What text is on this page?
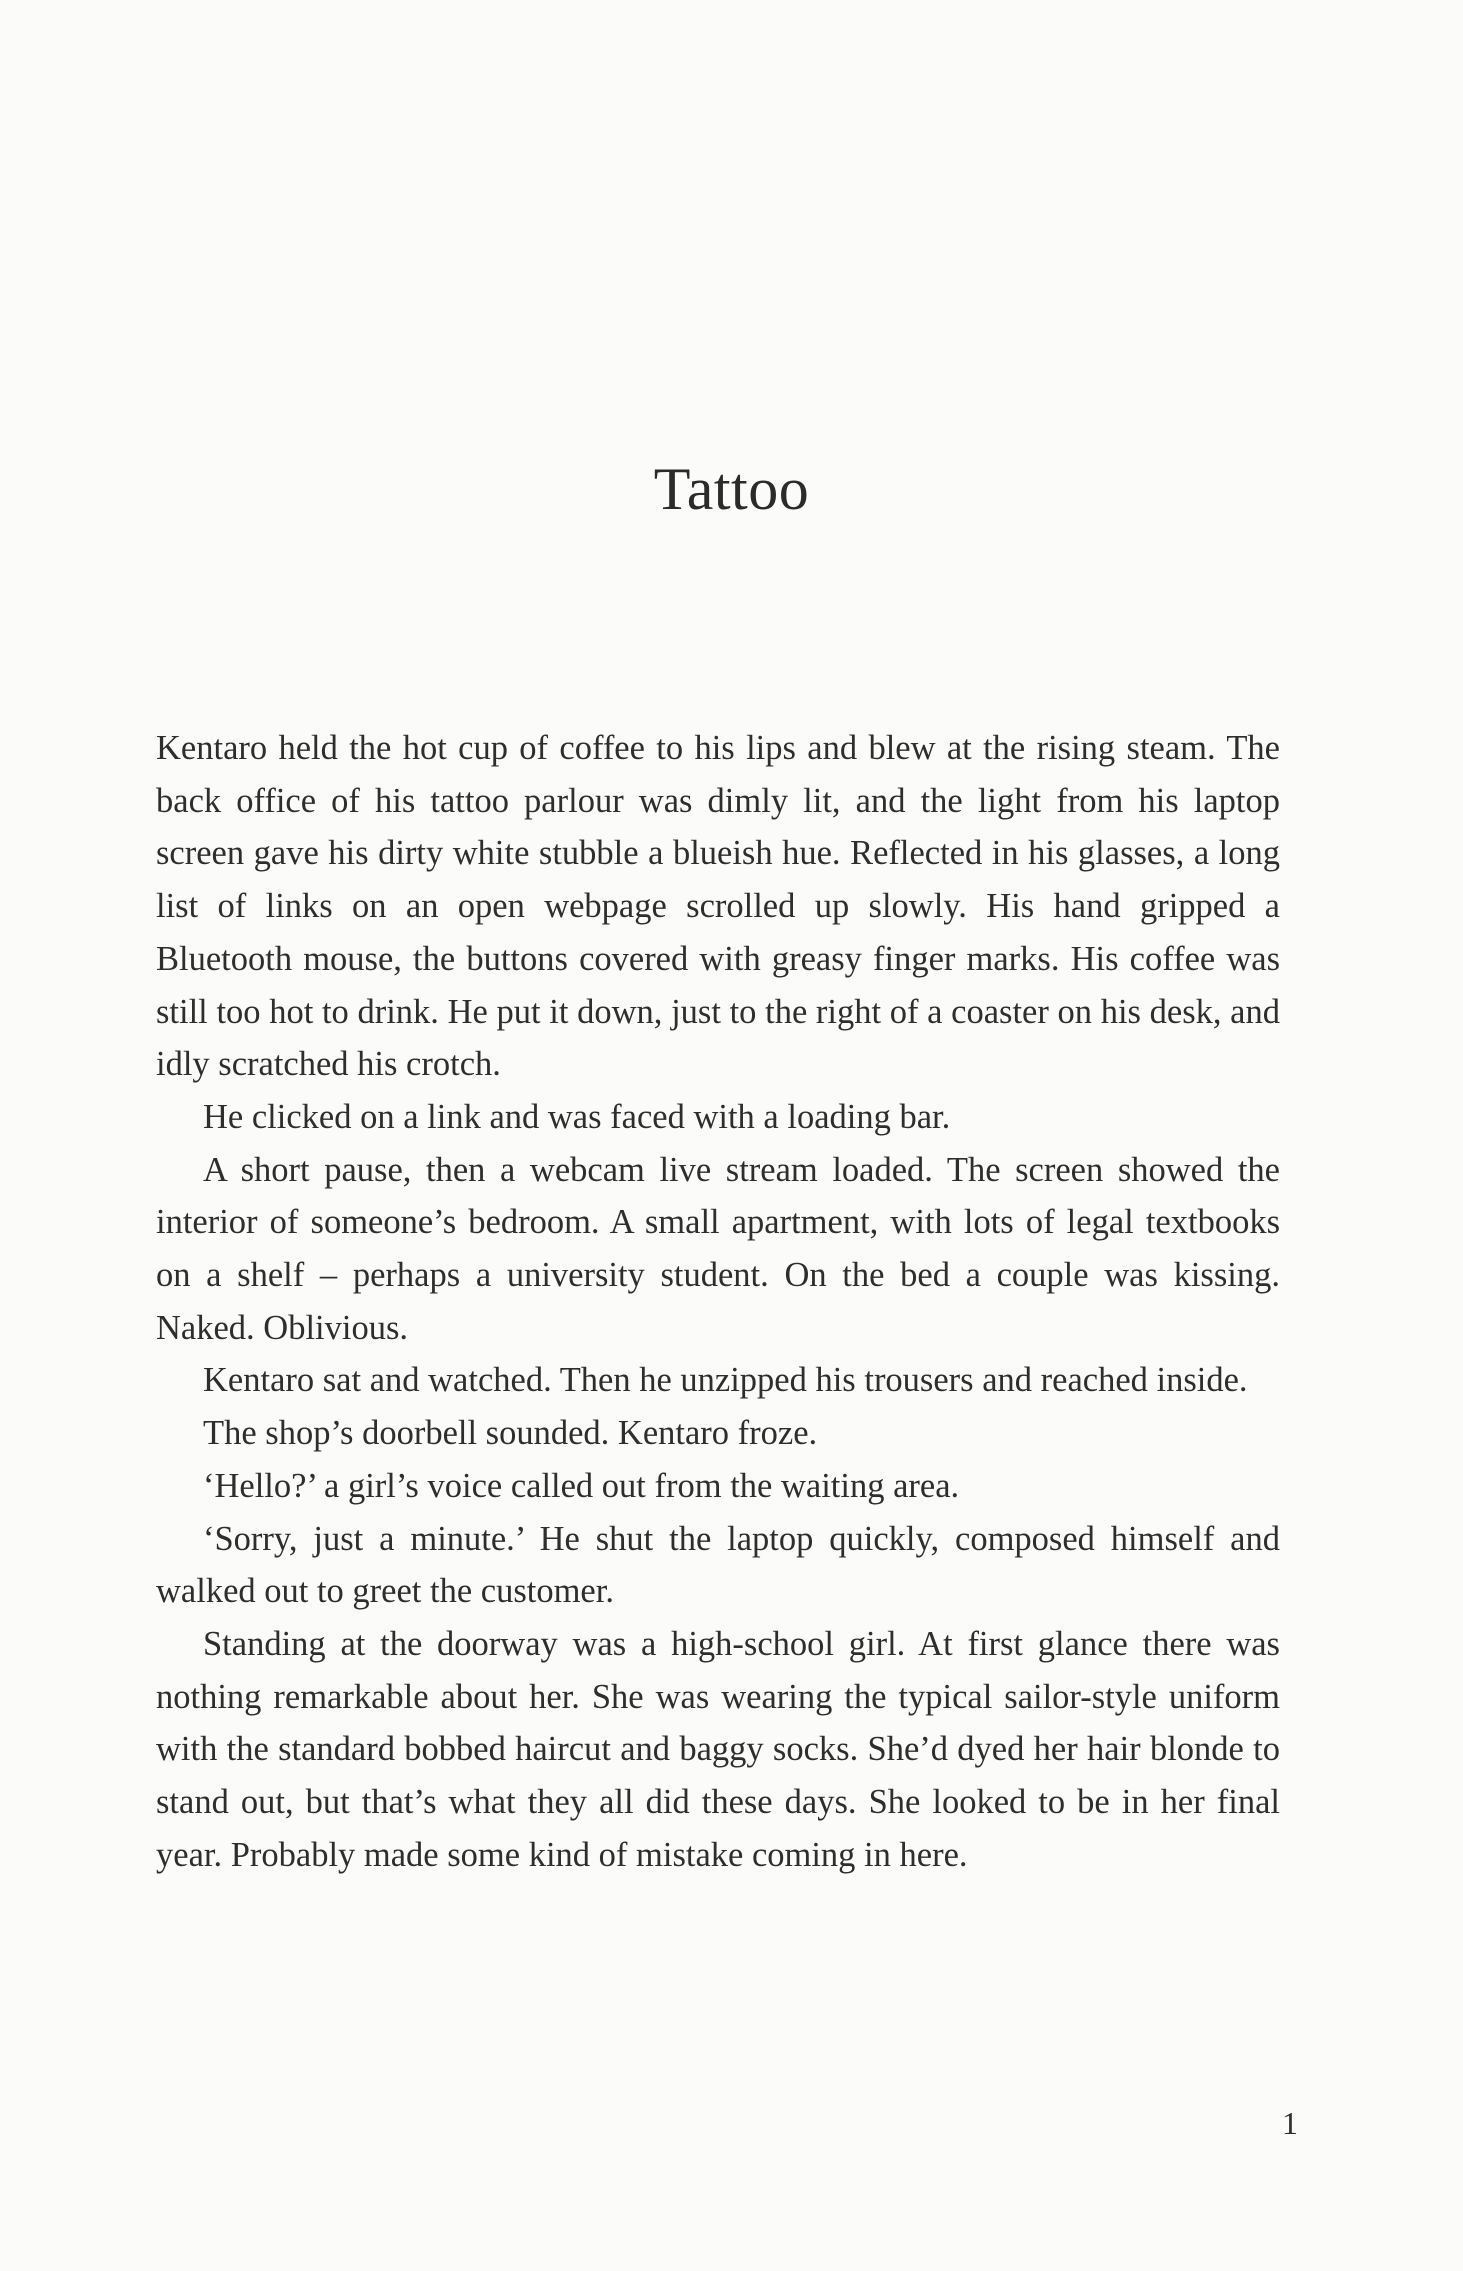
Tattoo

Kentaro held the hot cup of coffee to his lips and blew at the rising steam. The back office of his tattoo parlour was dimly lit, and the light from his laptop screen gave his dirty white stubble a blueish hue. Reflected in his glasses, a long list of links on an open webpage scrolled up slowly. His hand gripped a Bluetooth mouse, the buttons covered with greasy finger marks. His coffee was still too hot to drink. He put it down, just to the right of a coaster on his desk, and idly scratched his crotch.

He clicked on a link and was faced with a loading bar.

A short pause, then a webcam live stream loaded. The screen showed the interior of someone’s bedroom. A small apartment, with lots of legal textbooks on a shelf – perhaps a university student. On the bed a couple was kissing. Naked. Oblivious.

Kentaro sat and watched. Then he unzipped his trousers and reached inside.

The shop’s doorbell sounded. Kentaro froze.

‘Hello?’ a girl’s voice called out from the waiting area.

‘Sorry, just a minute.’ He shut the laptop quickly, composed himself and walked out to greet the customer.

Standing at the doorway was a high-school girl. At first glance there was nothing remarkable about her. She was wearing the typical sailor-style uniform with the standard bobbed haircut and baggy socks. She’d dyed her hair blonde to stand out, but that’s what they all did these days. She looked to be in her final year. Probably made some kind of mistake coming in here.

1
